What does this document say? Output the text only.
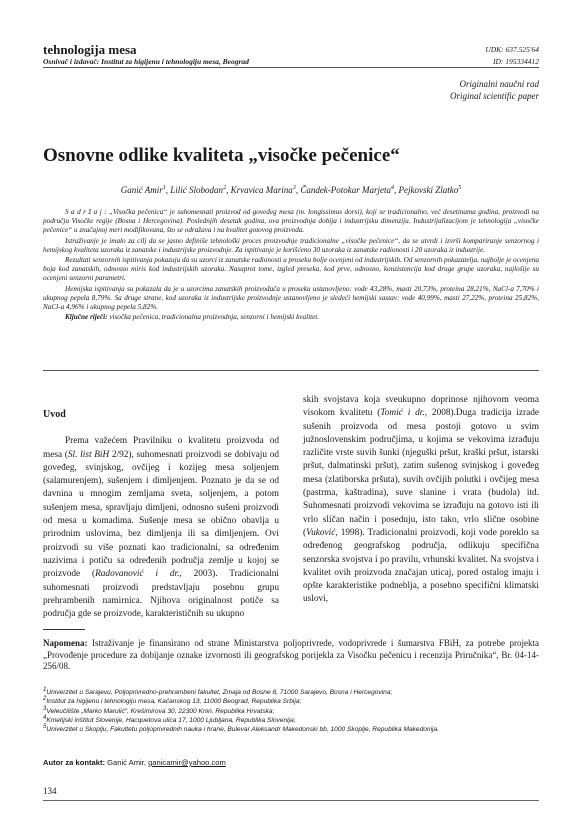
tehnologija mesa
Osnivač i izdavač: Institut za higijenu i tehnologiju mesa, Beograd
UDK: 637.525'64
ID: 195334412
Originalni naučni rad
Original scientific paper
Osnovne odlike kvaliteta „visočke pečenice“
Ganić Amir$^1$, Lilić Slobodan$^2$, Krvavica Marina$^3$, Čandek-Potokar Marjeta$^4$, Pejkovski Zlatko$^5$

S a d r ž a j : „Visočka pečenica“ je suhomesnati proizvod od goveđeg mesa (m. longissimus dorsi), koji se tradicionalno, već desetinama godina, proizvodi na području Visočke regije (Bosna i Hercegovina). Poslednjih desetak godina, ova proizvodnja dobija i industrijsku dimenziju. Industrijalizacijom je tehnologija „visočke pečenice“ u značajnoj meri modifikovana, što se odražava i na kvalitet gotovog proizvoda.

Istraživanje je imalo za cilj da se jasno definiše tehnološki proces proizvodnje tradicionalne „visočke pečenice“, da se utvrdi i izvrši kompariranje senzornog i hemijskog kvaliteta uzoraka iz zanatske i industrijske proizvodnje. Za ispitivanje je korišćeno 30 uzoraka iz zanatske radionosti i 20 uzoraka iz industrije.

Rezultati senzornih ispitivanja pokazuju da su uzorci iz zanatske radionosti u proseku bolje ocenjeni od industrijskih. Od senzornih pokazatelja, najbolje je ocenjena boja kod zanatskih, odnosno miris kod industrijskih uzoraka. Nasuprot tome, izgled preseka, kod prve, odnosno, konzistencija kod druge grupe uzoraka, najlošije su ocenjeni senzorni parametri.

Hemijska ispitivanja su pokazala da je u uzorcima zanatskih proizvođača u proseku ustanovljeno: vode 43,28%, masti 20,73%, proteina 28,21%, NaCl-a 7,70% i ukupnog pepela 8,79%. Sa druge strane, kod uzoraka iz industrijske proizvodnje ustanovljeno je sledeći hemijski sastav: vode 40,99%, masti 27,22%, proteina 25,82%, NaCl-a 4,96% i ukupnog pepela 5,82%.

Ključne riječi: visočka pečenica, tradicionalna proizvodnja, senzorni i hemijski kvalitet.

Uvod

Prema važećem Pravilniku o kvalitetu proizvoda od mesa (Sl. list BiH 2/92), suhomesnati proizvodi se dobivaju od goveđeg, svinjskog, ovčijeg i kozijeg mesa soljenjem (salamurenjem), sušenjem i dimljenjem. Poznato je da se od davnina u mnogim zemljama sveta, soljenjem, a potom sušenjem mesa, spravljaju dimljeni, odnosno sušeni proizvodi od mesa u komadima. Sušenje mesa se obično obavlja u prirodnim uslovima, bez dimljenja ili sa dimljenjem. Ovi proizvodi su više poznati kao tradicionalni, sa određenim nazivima i potiču sa određenih područja zemlje u kojoj se proizvode (Radovanović i dr., 2003). Tradicionalni suhomesnati proizvodi predstavljaju posebnu grupu prehrambenih namirnica. Njihova originalnost potiče sa područja gde se proizvode, karakterističnih su ukupno

skih svojstava koja sveukupno doprinose njihovom veoma visokom kvalitetu (Tomić i dr., 2008).Duga tradicija izrade sušenih proizvoda od mesa postoji gotovo u svim južnoslovenskim područjima, u kojima se vekovima izrađuju različite vrste suvih šunki (njeguški pršut, kraški pršut, istarski pršut, dalmatinski pršut), zatim sušenog svinjskog i goveđeg mesa (zlatiborska pršuta), suvih ovčijih polutki i ovčijeg mesa (pastrma, kaštradina), suve slanine i vrata (budola) itd. Suhomesnati proizvodi vekovima se izrađuju na gotovo isti ili vrlo sličan način i poseduju, isto tako, vrlo slične osobine (Vuković, 1998). Tradicionalni proizvodi, koji vode poreklo sa određenog geografskog područja, odlikuju specifična senzorska svojstva i po pravilu, vrhunski kvalitet. Na svojstva i kvalitet ovih proizvoda značajan uticaj, pored ostalog imaju i opšte karakteristike podneblja, a posebno specifični klimatski uslovi,

Napomena: Istraživanje je finansirano od strane Ministarstva poljoprivrede, vodoprivrede i šumarstva FBiH, za potrebe projekta „Provođenje procedure za dobijanje oznake izvornosti ili geografskog porijekla za Visočku pečenicu i recenzija Priručnika“, Br. 04-14-256/08.
$^1$Univerzitet u Sarajevu, Poljoprivredno-prehrambeni fakultet, Zmaja od Bosne 8, 71000 Sarajevo, Bosna i Hercegovina;
$^2$Institut za higijenu i tehnologiju mesa, Kaćanskog 13, 11000 Beograd, Republika Srbija;
$^3$Veleučilište „Marko Marulić“, Krešimirova 30, 22300 Knin, Republika Hrvatska;
$^4$Kmetijski inštitut Slovenije, Hacquetova ulica 17, 1000 Ljubljana, Republika Slovenija;
$^5$Univerzitet u Skoplju, Fakultetu poljoprivrednih nauka i hrane, Bulevar Aleksandr Makedonski bb, 1000 Skoplje, Republika Makedonija.
Autor za kontakt: Ganić Amir, ganicamir@yahoo.com
134
